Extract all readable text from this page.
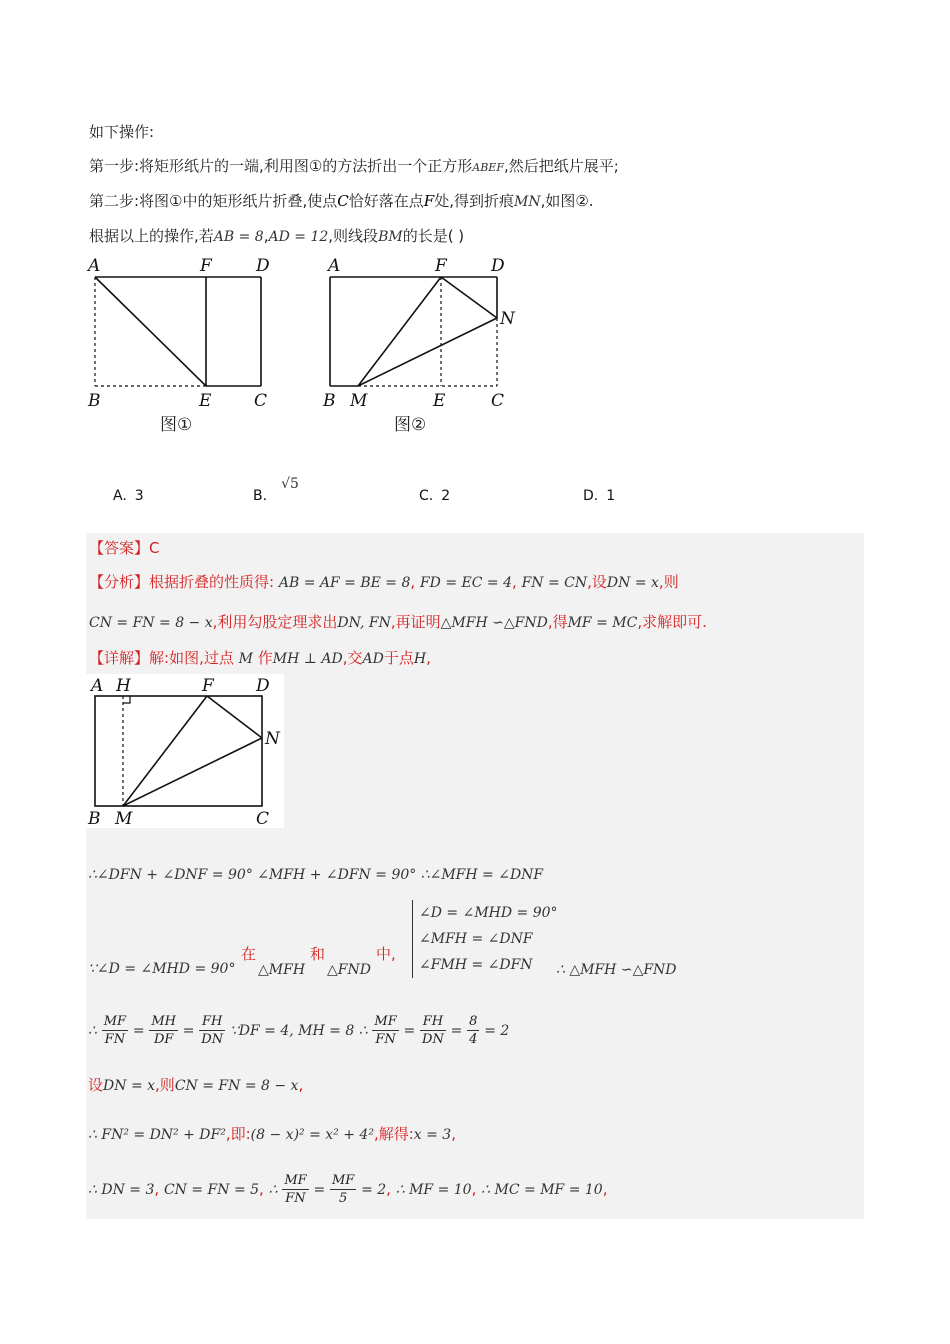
如下操作:
第一步:将矩形纸片的一端,利用图①的方法折出一个正方形ABEF,然后把纸片展平;
第二步:将图①中的矩形纸片折叠,使点C恰好落在点F处,得到折痕MN,如图②.
根据以上的操作,若AB = 8,AD = 12,则线段BM的长是( )
A	F	D
B	E	C
图①
A	F	D
N
B M	E	C
图②
A. 3	B.√5
C. 2	D. 1
【答案】C
【分析】根据折叠的性质得: AB = AF = BE = 8, FD = EC = 4, FN = CN,设DN = x,则
CN = FN = 8 − x,利用勾股定理求出DN, FN,再证明△MFH ∽△FND,得MF = MC,求解即可.
【详解】解:如图,过点 M 作MH ⊥ AD,交AD于点H,
A H	F D
N
B M	C
∴∠DFN + ∠DNF = 90° ∠MFH + ∠DFN = 90° ∴∠MFH = ∠DNF
∵∠D = ∠MHD = 90°
在
△MFH
和
△FND
中,
∠D = ∠MHD = 90°
∠MFH = ∠DNF
∠FMH = ∠DFN	∴ △MFH ∽△FND
∴ $\frac{MF}{FN} = \frac{MH}{DF} = \frac{FH}{DN}$ ∵DF = 4, MH = 8 ∴ $\frac{MF}{FN} = \frac{FH}{DN} = \frac{8}{4} = 2$
设DN = x,则CN = FN = 8 − x,
∴ FN² = DN² + DF²,即:(8 − x)² = x² + 4²,解得:x = 3,
∴ DN = 3, CN = FN = 5, ∴ $\frac{MF}{FN} = \frac{MF}{5} = 2$, ∴ MF = 10, ∴ MC = MF = 10,
